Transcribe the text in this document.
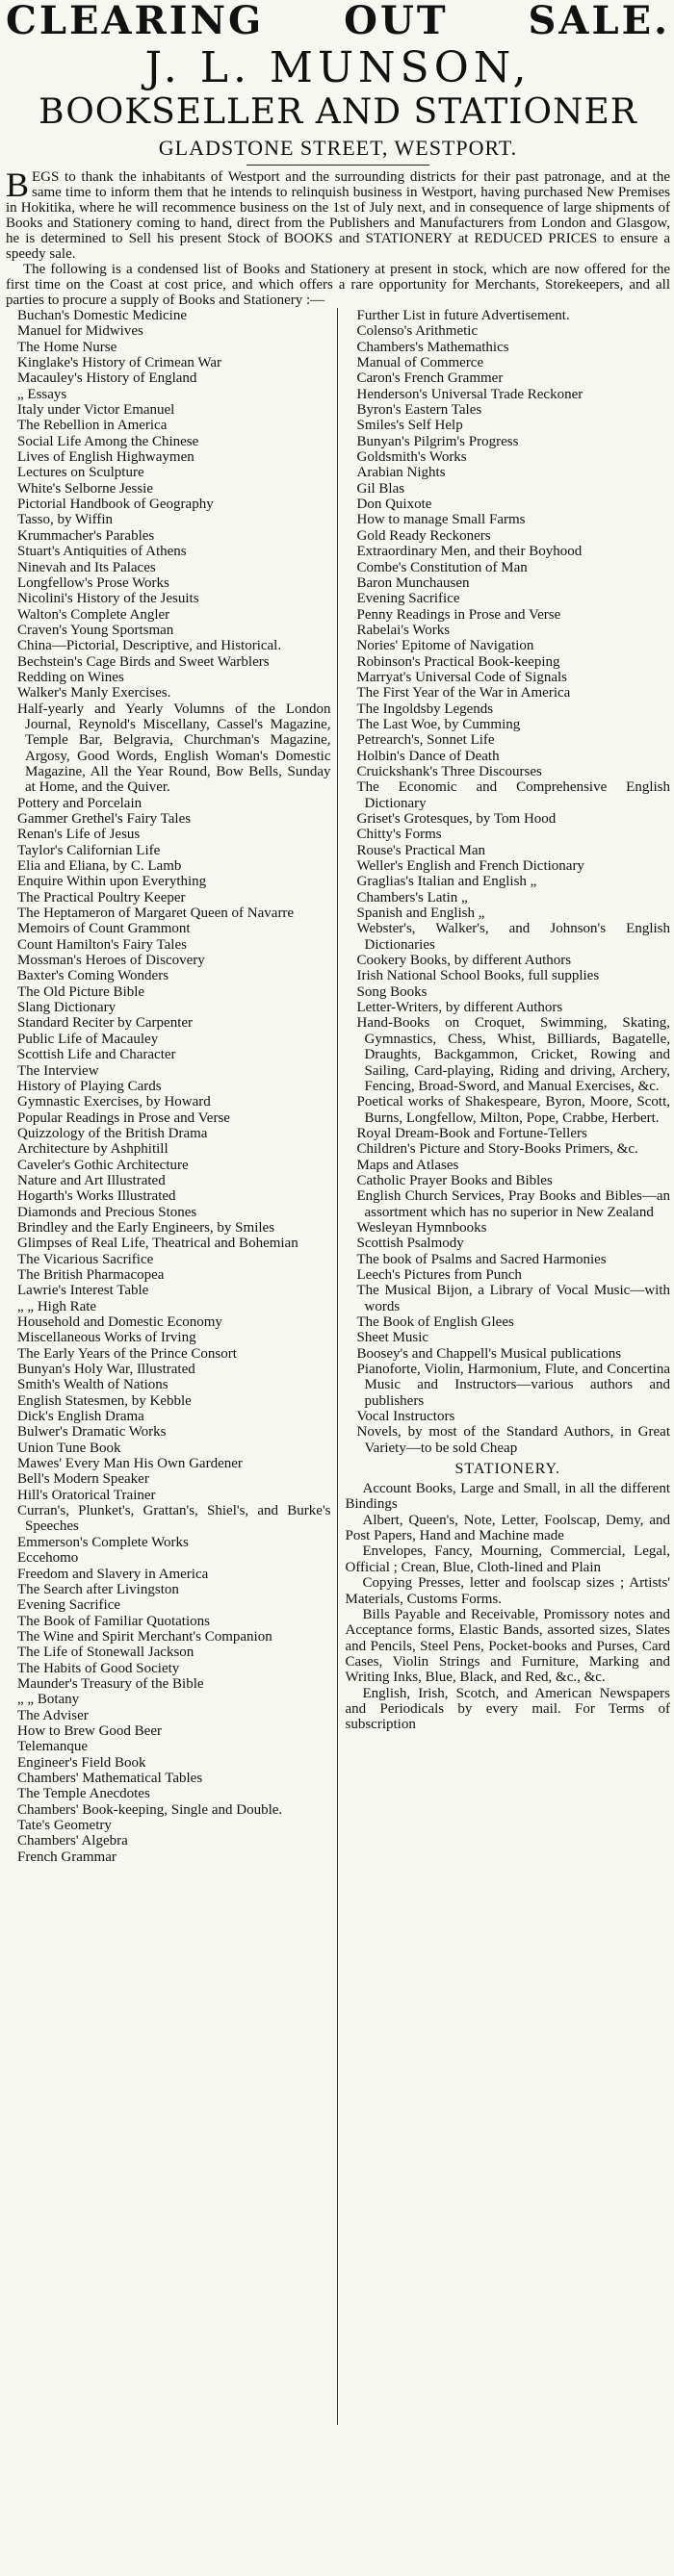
CLEARING OUT SALE.
J. L. MUNSON,
BOOKSELLER AND STATIONER
GLADSTONE STREET, WESTPORT.
BEGS to thank the inhabitants of Westport and the surrounding districts for their past patronage, and at the same time to inform them that he intends to relinquish business in Westport, having purchased New Premises in Hokitika, where he will recommence business on the 1st of July next, and in consequence of large shipments of Books and Stationery coming to hand, direct from the Publishers and Manufacturers from London and Glasgow, he is determined to Sell his present Stock of BOOKS and STATIONERY at REDUCED PRICES to ensure a speedy sale.
The following is a condensed list of Books and Stationery at present in stock, which are now offered for the first time on the Coast at cost price, and which offers a rare opportunity for Merchants, Storekeepers, and all parties to procure a supply of Books and Stationery :—
Buchan's Domestic Medicine
Manuel for Midwives
The Home Nurse
Kinglake's History of Crimean War
Macauley's History of England
„ Essays
Italy under Victor Emanuel
The Rebellion in America
Social Life Among the Chinese
Lives of English Highwaymen
Lectures on Sculpture
White's Selborne Jessie
Pictorial Handbook of Geography
Tasso, by Wiffin
Krummacher's Parables
Stuart's Antiquities of Athens
Ninevah and Its Palaces
Longfellow's Prose Works
Nicolini's History of the Jesuits
Walton's Complete Angler
Craven's Young Sportsman
China—Pictorial, Descriptive, and Historical.
Bechstein's Cage Birds and Sweet Warblers
Redding on Wines
Walker's Manly Exercises.
Half-yearly and Yearly Volumns of the London Journal, Reynold's Miscellany, Cassel's Magazine, Temple Bar, Belgravia, Churchman's Magazine, Argosy, Good Words, English Woman's Domestic Magazine, All the Year Round, Bow Bells, Sunday at Home, and the Quiver.
Pottery and Porcelain
Gammer Grethel's Fairy Tales
Renan's Life of Jesus
Taylor's Californian Life
Elia and Eliana, by C. Lamb
Enquire Within upon Everything
The Practical Poultry Keeper
The Heptameron of Margaret Queen of Navarre
Memoirs of Count Grammont
Count Hamilton's Fairy Tales
Mossman's Heroes of Discovery
Baxter's Coming Wonders
The Old Picture Bible
Slang Dictionary
Standard Reciter by Carpenter
Public Life of Macauley
Scottish Life and Character
The Interview
History of Playing Cards
Gymnastic Exercises, by Howard
Popular Readings in Prose and Verse
Quizzology of the British Drama
Architecture by Ashphitill
Caveler's Gothic Architecture
Nature and Art Illustrated
Hogarth's Works Illustrated
Diamonds and Precious Stones
Brindley and the Early Engineers, by Smiles
Glimpses of Real Life, Theatrical and Bohemian
The Vicarious Sacrifice
The British Pharmacopea
Lawrie's Interest Table
„ „ High Rate
Household and Domestic Economy
Miscellaneous Works of Irving
The Early Years of the Prince Consort
Bunyan's Holy War, Illustrated
Smith's Wealth of Nations
English Statesmen, by Kebble
Dick's English Drama
Bulwer's Dramatic Works
Union Tune Book
Mawes' Every Man His Own Gardener
Bell's Modern Speaker
Hill's Oratorical Trainer
Curran's, Plunket's, Grattan's, Shiel's, and Burke's Speeches
Emmerson's Complete Works
Eccehomo
Freedom and Slavery in America
The Search after Livingston
Evening Sacrifice
The Book of Familiar Quotations
The Wine and Spirit Merchant's Companion
The Life of Stonewall Jackson
The Habits of Good Society
Maunder's Treasury of the Bible
„ „ Botany
The Adviser
How to Brew Good Beer
Telemanque
Engineer's Field Book
Chambers' Mathematical Tables
The Temple Anecdotes
Chambers' Book-keeping, Single and Double.
Tate's Geometry
Chambers' Algebra
French Grammar
Further List in future Advertisement.
Colenso's Arithmetic
Chambers's Mathemathics
Manual of Commerce
Caron's French Grammer
Henderson's Universal Trade Reckoner
Byron's Eastern Tales
Smiles's Self Help
Bunyan's Pilgrim's Progress
Goldsmith's Works
Arabian Nights
Gil Blas
Don Quixote
How to manage Small Farms
Gold Ready Reckoners
Extraordinary Men, and their Boyhood
Combe's Constitution of Man
Baron Munchausen
Evening Sacrifice
Penny Readings in Prose and Verse
Rabelai's Works
Nories' Epitome of Navigation
Robinson's Practical Book-keeping
Marryat's Universal Code of Signals
The First Year of the War in America
The Ingoldsby Legends
The Last Woe, by Cumming
Petrearch's, Sonnet Life
Holbin's Dance of Death
Cruickshank's Three Discourses
The Economic and Comprehensive English Dictionary
Griset's Grotesques, by Tom Hood
Chitty's Forms
Rouse's Practical Man
Weller's English and French Dictionary
Graglias's Italian and English „
Chambers's Latin „
Spanish and English „
Webster's, Walker's, and Johnson's English Dictionaries
Cookery Books, by different Authors
Irish National School Books, full supplies
Song Books
Letter-Writers, by different Authors
Hand-Books on Croquet, Swimming, Skating, Gymnastics, Chess, Whist, Billiards, Bagatelle, Draughts, Backgammon, Cricket, Rowing and Sailing, Card-playing, Riding and driving, Archery, Fencing, Broad-Sword, and Manual Exercises, &c.
Poetical works of Shakespeare, Byron, Moore, Scott, Burns, Longfellow, Milton, Pope, Crabbe, Herbert.
Royal Dream-Book and Fortune-Tellers
Children's Picture and Story-Books Primers, &c.
Maps and Atlases
Catholic Prayer Books and Bibles
English Church Services, Pray Books and Bibles—an assortment which has no superior in New Zealand
Wesleyan Hymnbooks
Scottish Psalmody
The book of Psalms and Sacred Harmonies
Leech's Pictures from Punch
The Musical Bijon, a Library of Vocal Music—with words
The Book of English Glees
Sheet Music
Boosey's and Chappell's Musical publications
Pianoforte, Violin, Harmonium, Flute, and Concertina Music and Instructors—various authors and publishers
Vocal Instructors
Novels, by most of the Standard Authors, in Great Variety—to be sold Cheap
STATIONERY.
Account Books, Large and Small, in all the different Bindings
Albert, Queen's, Note, Letter, Foolscap, Demy, and Post Papers, Hand and Machine made
Envelopes, Fancy, Mourning, Commercial, Legal, Official ; Crean, Blue, Cloth-lined and Plain
Copying Presses, letter and foolscap sizes ; Artists' Materials, Customs Forms.
Bills Payable and Receivable, Promissory notes and Acceptance forms, Elastic Bands, assorted sizes, Slates and Pencils, Steel Pens, Pocket-books and Purses, Card Cases, Violin Strings and Furniture, Marking and Writing Inks, Blue, Black, and Red, &c., &c.
English, Irish, Scotch, and American Newspapers and Periodicals by every mail. For Terms of subscription
